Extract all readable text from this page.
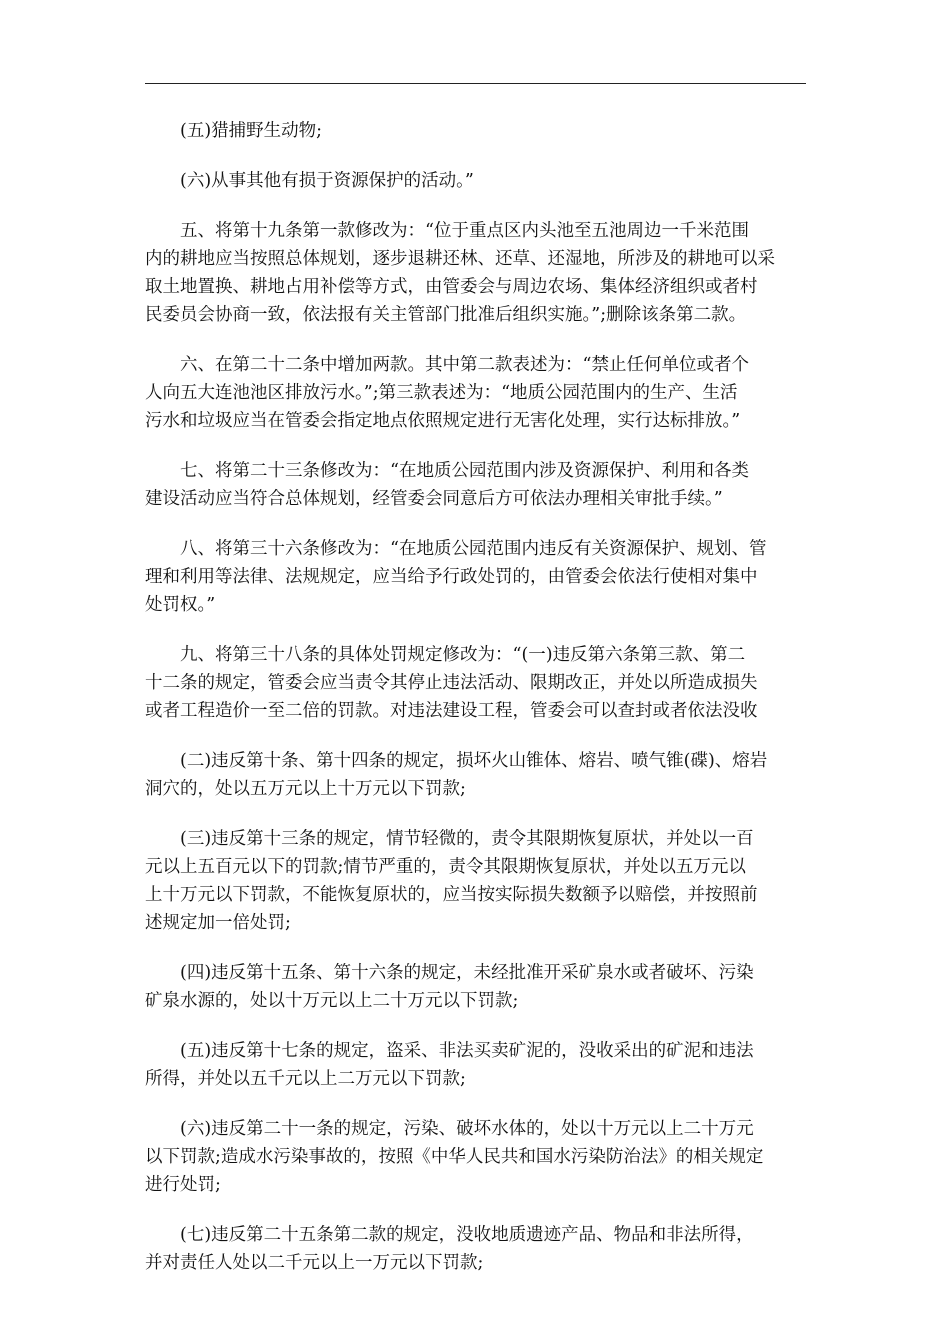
(五)猎捕野生动物;

(六)从事其他有损于资源保护的活动。”

五、将第十九条第一款修改为：“位于重点区内头池至五池周边一千米范围
内的耕地应当按照总体规划，逐步退耕还林、还草、还湿地，所涉及的耕地可以采
取土地置换、耕地占用补偿等方式，由管委会与周边农场、集体经济组织或者村
民委员会协商一致，依法报有关主管部门批准后组织实施。”;删除该条第二款。

六、在第二十二条中增加两款。其中第二款表述为：“禁止任何单位或者个
人向五大连池池区排放污水。”;第三款表述为：“地质公园范围内的生产、生活
污水和垃圾应当在管委会指定地点依照规定进行无害化处理，实行达标排放。”

七、将第二十三条修改为：“在地质公园范围内涉及资源保护、利用和各类
建设活动应当符合总体规划，经管委会同意后方可依法办理相关审批手续。”

八、将第三十六条修改为：“在地质公园范围内违反有关资源保护、规划、管
理和利用等法律、法规规定，应当给予行政处罚的，由管委会依法行使相对集中
处罚权。”

九、将第三十八条的具体处罚规定修改为：“(一)违反第六条第三款、第二
十二条的规定，管委会应当责令其停止违法活动、限期改正，并处以所造成损失
或者工程造价一至二倍的罚款。对违法建设工程，管委会可以查封或者依法没收

(二)违反第十条、第十四条的规定，损坏火山锥体、熔岩、喷气锥(碟)、熔岩
洞穴的，处以五万元以上十万元以下罚款;

(三)违反第十三条的规定，情节轻微的，责令其限期恢复原状，并处以一百
元以上五百元以下的罚款;情节严重的，责令其限期恢复原状，并处以五万元以
上十万元以下罚款，不能恢复原状的，应当按实际损失数额予以赔偿，并按照前
述规定加一倍处罚;

(四)违反第十五条、第十六条的规定，未经批准开采矿泉水或者破坏、污染
矿泉水源的，处以十万元以上二十万元以下罚款;

(五)违反第十七条的规定，盗采、非法买卖矿泥的，没收采出的矿泥和违法
所得，并处以五千元以上二万元以下罚款;

(六)违反第二十一条的规定，污染、破坏水体的，处以十万元以上二十万元
以下罚款;造成水污染事故的，按照《中华人民共和国水污染防治法》的相关规定
进行处罚;

(七)违反第二十五条第二款的规定，没收地质遗迹产品、物品和非法所得，
并对责任人处以二千元以上一万元以下罚款;
